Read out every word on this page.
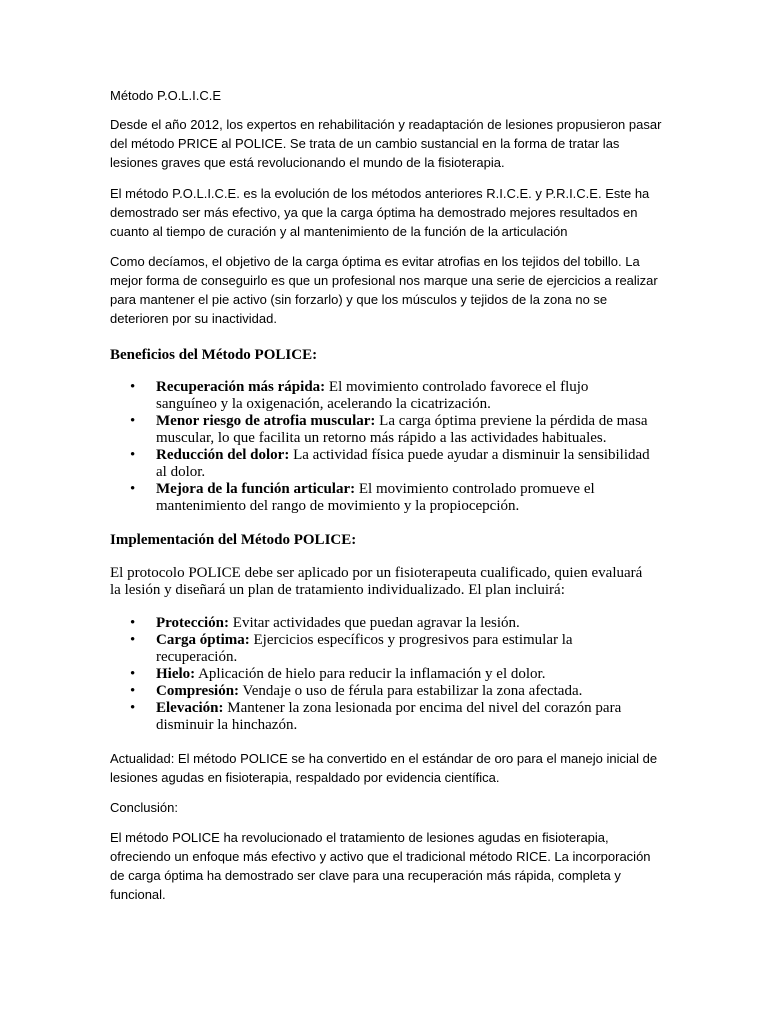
Método P.O.L.I.C.E

Desde el año 2012, los expertos en rehabilitación y readaptación de lesiones propusieron pasar del método PRICE al POLICE. Se trata de un cambio sustancial en la forma de tratar las lesiones graves que está revolucionando el mundo de la fisioterapia.

El método P.O.L.I.C.E. es la evolución de los métodos anteriores R.I.C.E. y P.R.I.C.E. Este ha demostrado ser más efectivo, ya que la carga óptima ha demostrado mejores resultados en cuanto al tiempo de curación y al mantenimiento de la función de la articulación

Como decíamos, el objetivo de la carga óptima es evitar atrofias en los tejidos del tobillo. La mejor forma de conseguirlo es que un profesional nos marque una serie de ejercicios a realizar para mantener el pie activo (sin forzarlo) y que los músculos y tejidos de la zona no se deterioren por su inactividad.

Beneficios del Método POLICE:

• Recuperación más rápida: El movimiento controlado favorece el flujo sanguíneo y la oxigenación, acelerando la cicatrización.
• Menor riesgo de atrofia muscular: La carga óptima previene la pérdida de masa muscular, lo que facilita un retorno más rápido a las actividades habituales.
• Reducción del dolor: La actividad física puede ayudar a disminuir la sensibilidad al dolor.
• Mejora de la función articular: El movimiento controlado promueve el mantenimiento del rango de movimiento y la propiocepción.

Implementación del Método POLICE:

El protocolo POLICE debe ser aplicado por un fisioterapeuta cualificado, quien evaluará la lesión y diseñará un plan de tratamiento individualizado. El plan incluirá:

• Protección: Evitar actividades que puedan agravar la lesión.
• Carga óptima: Ejercicios específicos y progresivos para estimular la recuperación.
• Hielo: Aplicación de hielo para reducir la inflamación y el dolor.
• Compresión: Vendaje o uso de férula para estabilizar la zona afectada.
• Elevación: Mantener la zona lesionada por encima del nivel del corazón para disminuir la hinchazón.

Actualidad: El método POLICE se ha convertido en el estándar de oro para el manejo inicial de lesiones agudas en fisioterapia, respaldado por evidencia científica.

Conclusión:

El método POLICE ha revolucionado el tratamiento de lesiones agudas en fisioterapia, ofreciendo un enfoque más efectivo y activo que el tradicional método RICE. La incorporación de carga óptima ha demostrado ser clave para una recuperación más rápida, completa y funcional.
